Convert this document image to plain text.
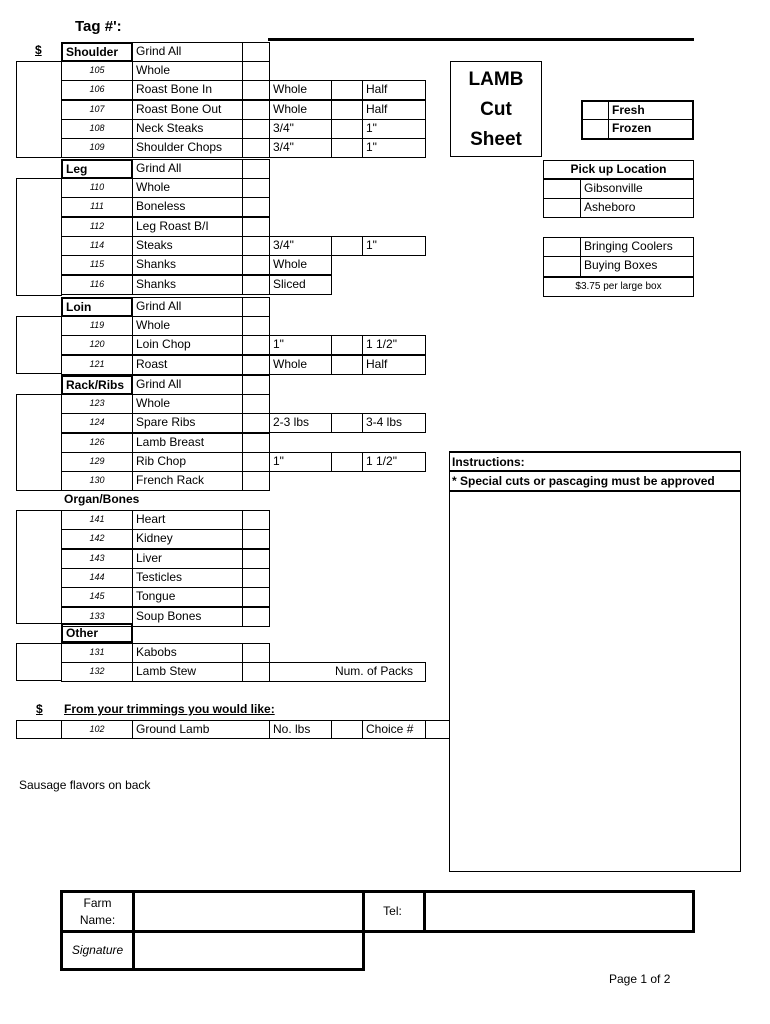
Tag #':
$	Shoulder	Grind All
105	Whole
106	Roast Bone In	Whole	Half
107	Roast Bone Out	Whole	Half
108	Neck Steaks	3/4"	1"
109	Shoulder Chops	3/4"	1"
Leg	Grind All
110	Whole
111	Boneless
112	Leg Roast B/I
114	Steaks	3/4"	1"
115	Shanks	Whole
116	Shanks	Sliced
Loin	Grind All
119	Whole
120	Loin Chop	1"	1 1/2"
121	Roast	Whole	Half
Rack/Ribs Grind All
123	Whole
124	Spare Ribs	2-3 lbs	3-4 lbs
126	Lamb Breast
129	Rib Chop	1"	1 1/2"
130	French Rack
Organ/Bones
141	Heart
142	Kidney
143	Liver
144	Testicles
145	Tongue
133	Soup Bones
Other
131	Kabobs
132	Lamb Stew	Num. of Packs
LAMB
Cut
Sheet
Fresh
Frozen
Pick up Location
Gibsonville
Asheboro
Bringing Coolers
Buying Boxes
$3.75 per large box
Instructions:
* Special cuts or pascaging must be approved
$ From your trimmings you would like:
102	Ground Lamb	No. lbs	Choice #
Sausage flavors on back
Farm
Name:
Signature
Tel:
Page 1 of 2
